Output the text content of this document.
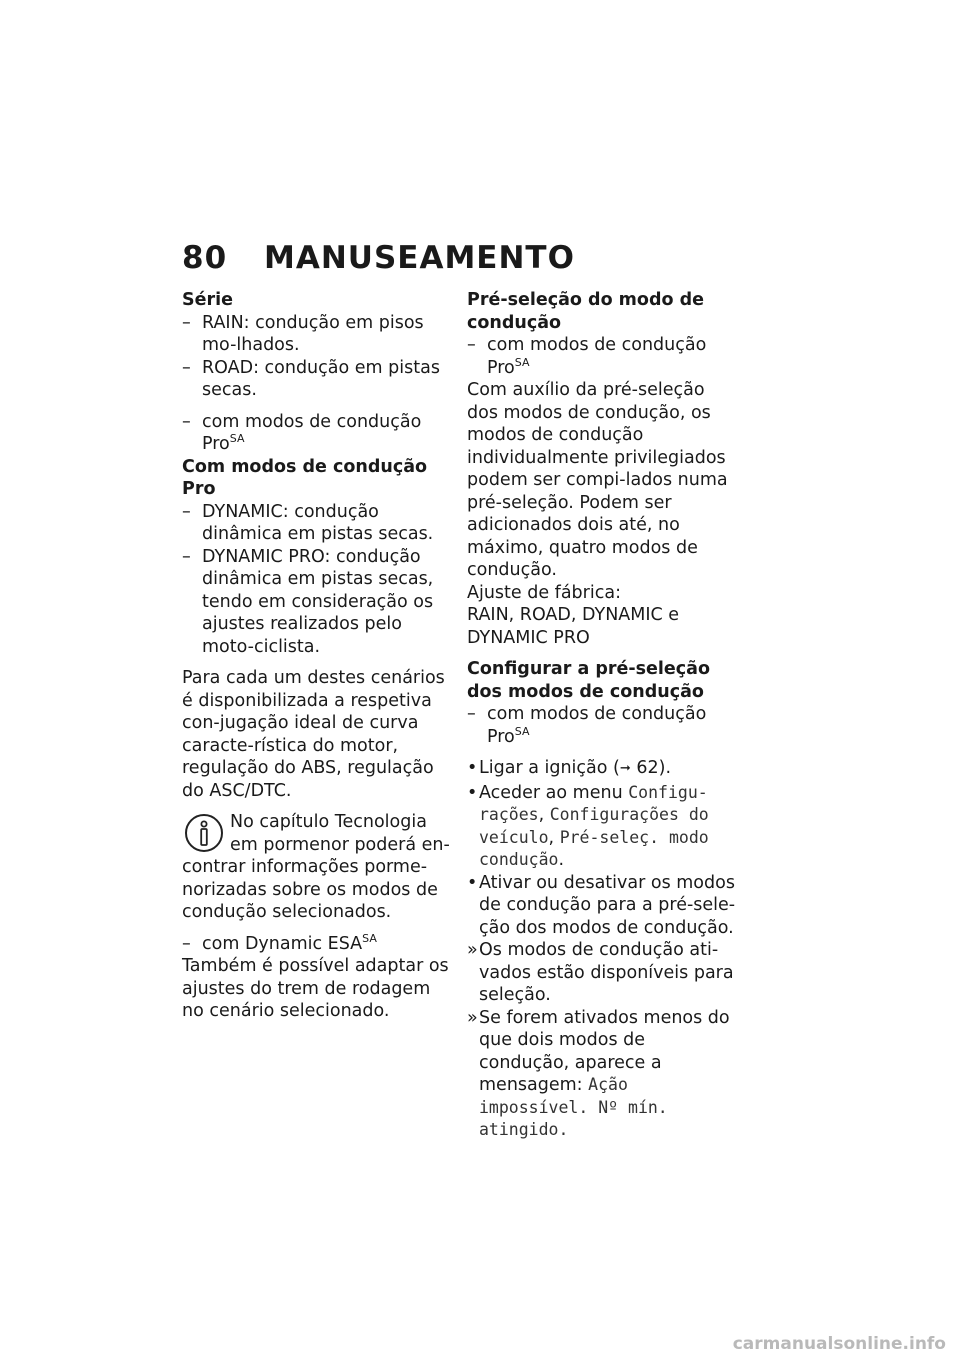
80 MANUSEAMENTO
Série
– RAIN: condução em pisos mo-lhados.
– ROAD: condução em pistas secas.
– com modos de condução Pro$^{SA}$
Com modos de condução Pro
– DYNAMIC: condução dinâmica em pistas secas.
– DYNAMIC PRO: condução dinâmica em pistas secas, tendo em consideração os ajustes realizados pelo moto-ciclista.
Para cada um destes cenários é disponibilizada a respetiva con-jugação ideal de curva caracte-rística do motor, regulação do ABS, regulação do ASC/DTC.
No capítulo Tecnologia em pormenor poderá en-contrar informações porme-norizadas sobre os modos de condução selecionados.
– com Dynamic $ESA^{SA}$
Também é possível adaptar os ajustes do trem de rodagem no cenário selecionado.
Pré-seleção do modo de condução
– com modos de condução Pro$^{SA}$
Com auxílio da pré-seleção dos modos de condução, os modos de condução individualmente privilegiados podem ser compi-lados numa pré-seleção. Podem ser adicionados dois até, no máximo, quatro modos de condução.
Ajuste de fábrica:
RAIN, ROAD, DYNAMIC e DYNAMIC PRO
Configurar a pré-seleção dos modos de condução
– com modos de condução Pro$^{SA}$
• Ligar a ignição (➞ 62).
• Aceder ao menu Configu-rações, Configurações do veículo, Pré-seleç. modo condução.
• Ativar ou desativar os modos de condução para a pré-sele-ção dos modos de condução.
» Os modos de condução ati-vados estão disponíveis para seleção.
» Se forem ativados menos do que dois modos de condução, aparece a mensagem: Ação impossível. Nº mín. atingido.
carmanualsonline.info
